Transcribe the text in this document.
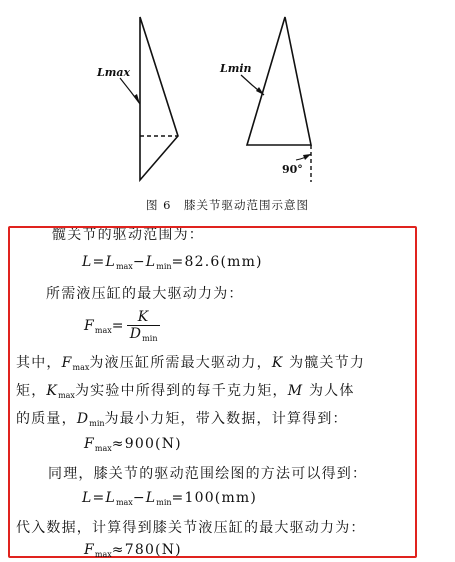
Lmax	Lmin
90°
图 6　膝关节驱动范围示意图
髋关节的驱动范围为：
$L=L_{max}-L_{min}=82.6(mm)$
所需液压缸的最大驱动力为：
$F_{max}= \frac{K}{D_{min}}$
其中，$F_{max}$为液压缸所需最大驱动力，K 为髋关节力
矩，$K_{max}$为实验中所得到的每千克力矩，M 为人体
的质量，$D_{min}$为最小力矩，带入数据，计算得到：
$F_{max}\approx 900(N)$
同理，膝关节的驱动范围绘图的方法可以得到：
$L=L_{max}-L_{min}=100(mm)$
代入数据，计算得到膝关节液压缸的最大驱动力为：
$F_{max}\approx 780(N)$
